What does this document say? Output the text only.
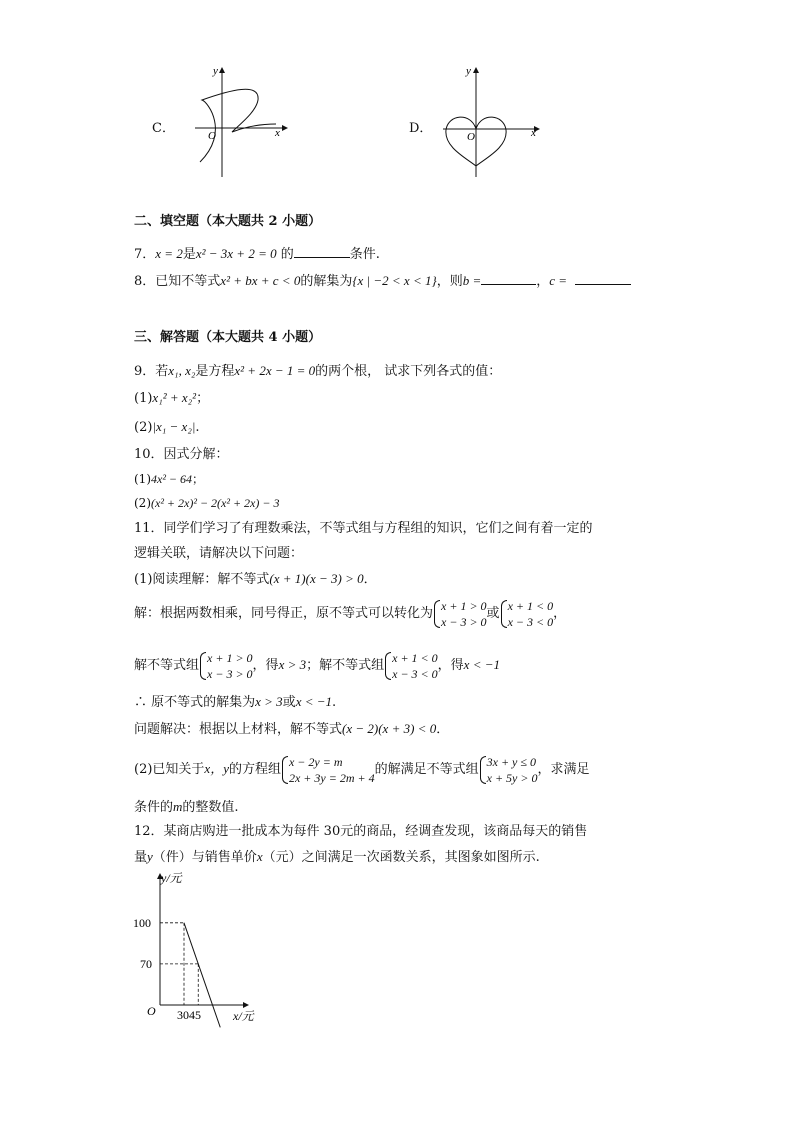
C．
y
x
O	D．
y
x
O
二、填空题（本大题共 2 小题）
7．x = 2是x² − 3x + 2 = 0 的	条件.
8．已知不等式x² + bx + c < 0的解集为{x | −2 < x < 1}，则b =	，c =
三、解答题（本大题共 4 小题）
9．若x₁, x₂是方程x² + 2x − 1 = 0的两个根， 试求下列各式的值：
(1)x₁² + x₂²；
(2)|x₁ − x₂|.
10．因式分解：
(1)4x² − 64；
(2)(x² + 2x)² − 2(x² + 2x) − 3
11．同学们学习了有理数乘法，不等式组与方程组的知识，它们之间有着一定的
逻辑关联，请解决以下问题：
(1)阅读理解：解不等式(x + 1)(x − 3) > 0．
解：根据两数相乘，同号得正，原不等式可以转化为
x + 1 > 0
x − 3 > 0
或
x + 1 < 0
x − 3 < 0
，
解不等式组
x + 1 > 0
x − 3 > 0
，得x > 3；解不等式组
x + 1 < 0
x − 3 < 0
，得x < −1
∴ 原不等式的解集为x > 3或x < −1.
问题解决：根据以上材料，解不等式(x − 2)(x + 3) < 0．
(2)已知关于x，y的方程组
x − 2y = m
2x + 3y = 2m + 4
的解满足不等式组
3x + y ≤ 0
x + 5y > 0
，求满足
条件的m的整数值.
12．某商店购进一批成本为每件 30元的商品，经调查发现，该商品每天的销售
量y（件）与销售单价x（元）之间满足一次函数关系，其图象如图所示.
y/元
x/元
O
100
70
3045
